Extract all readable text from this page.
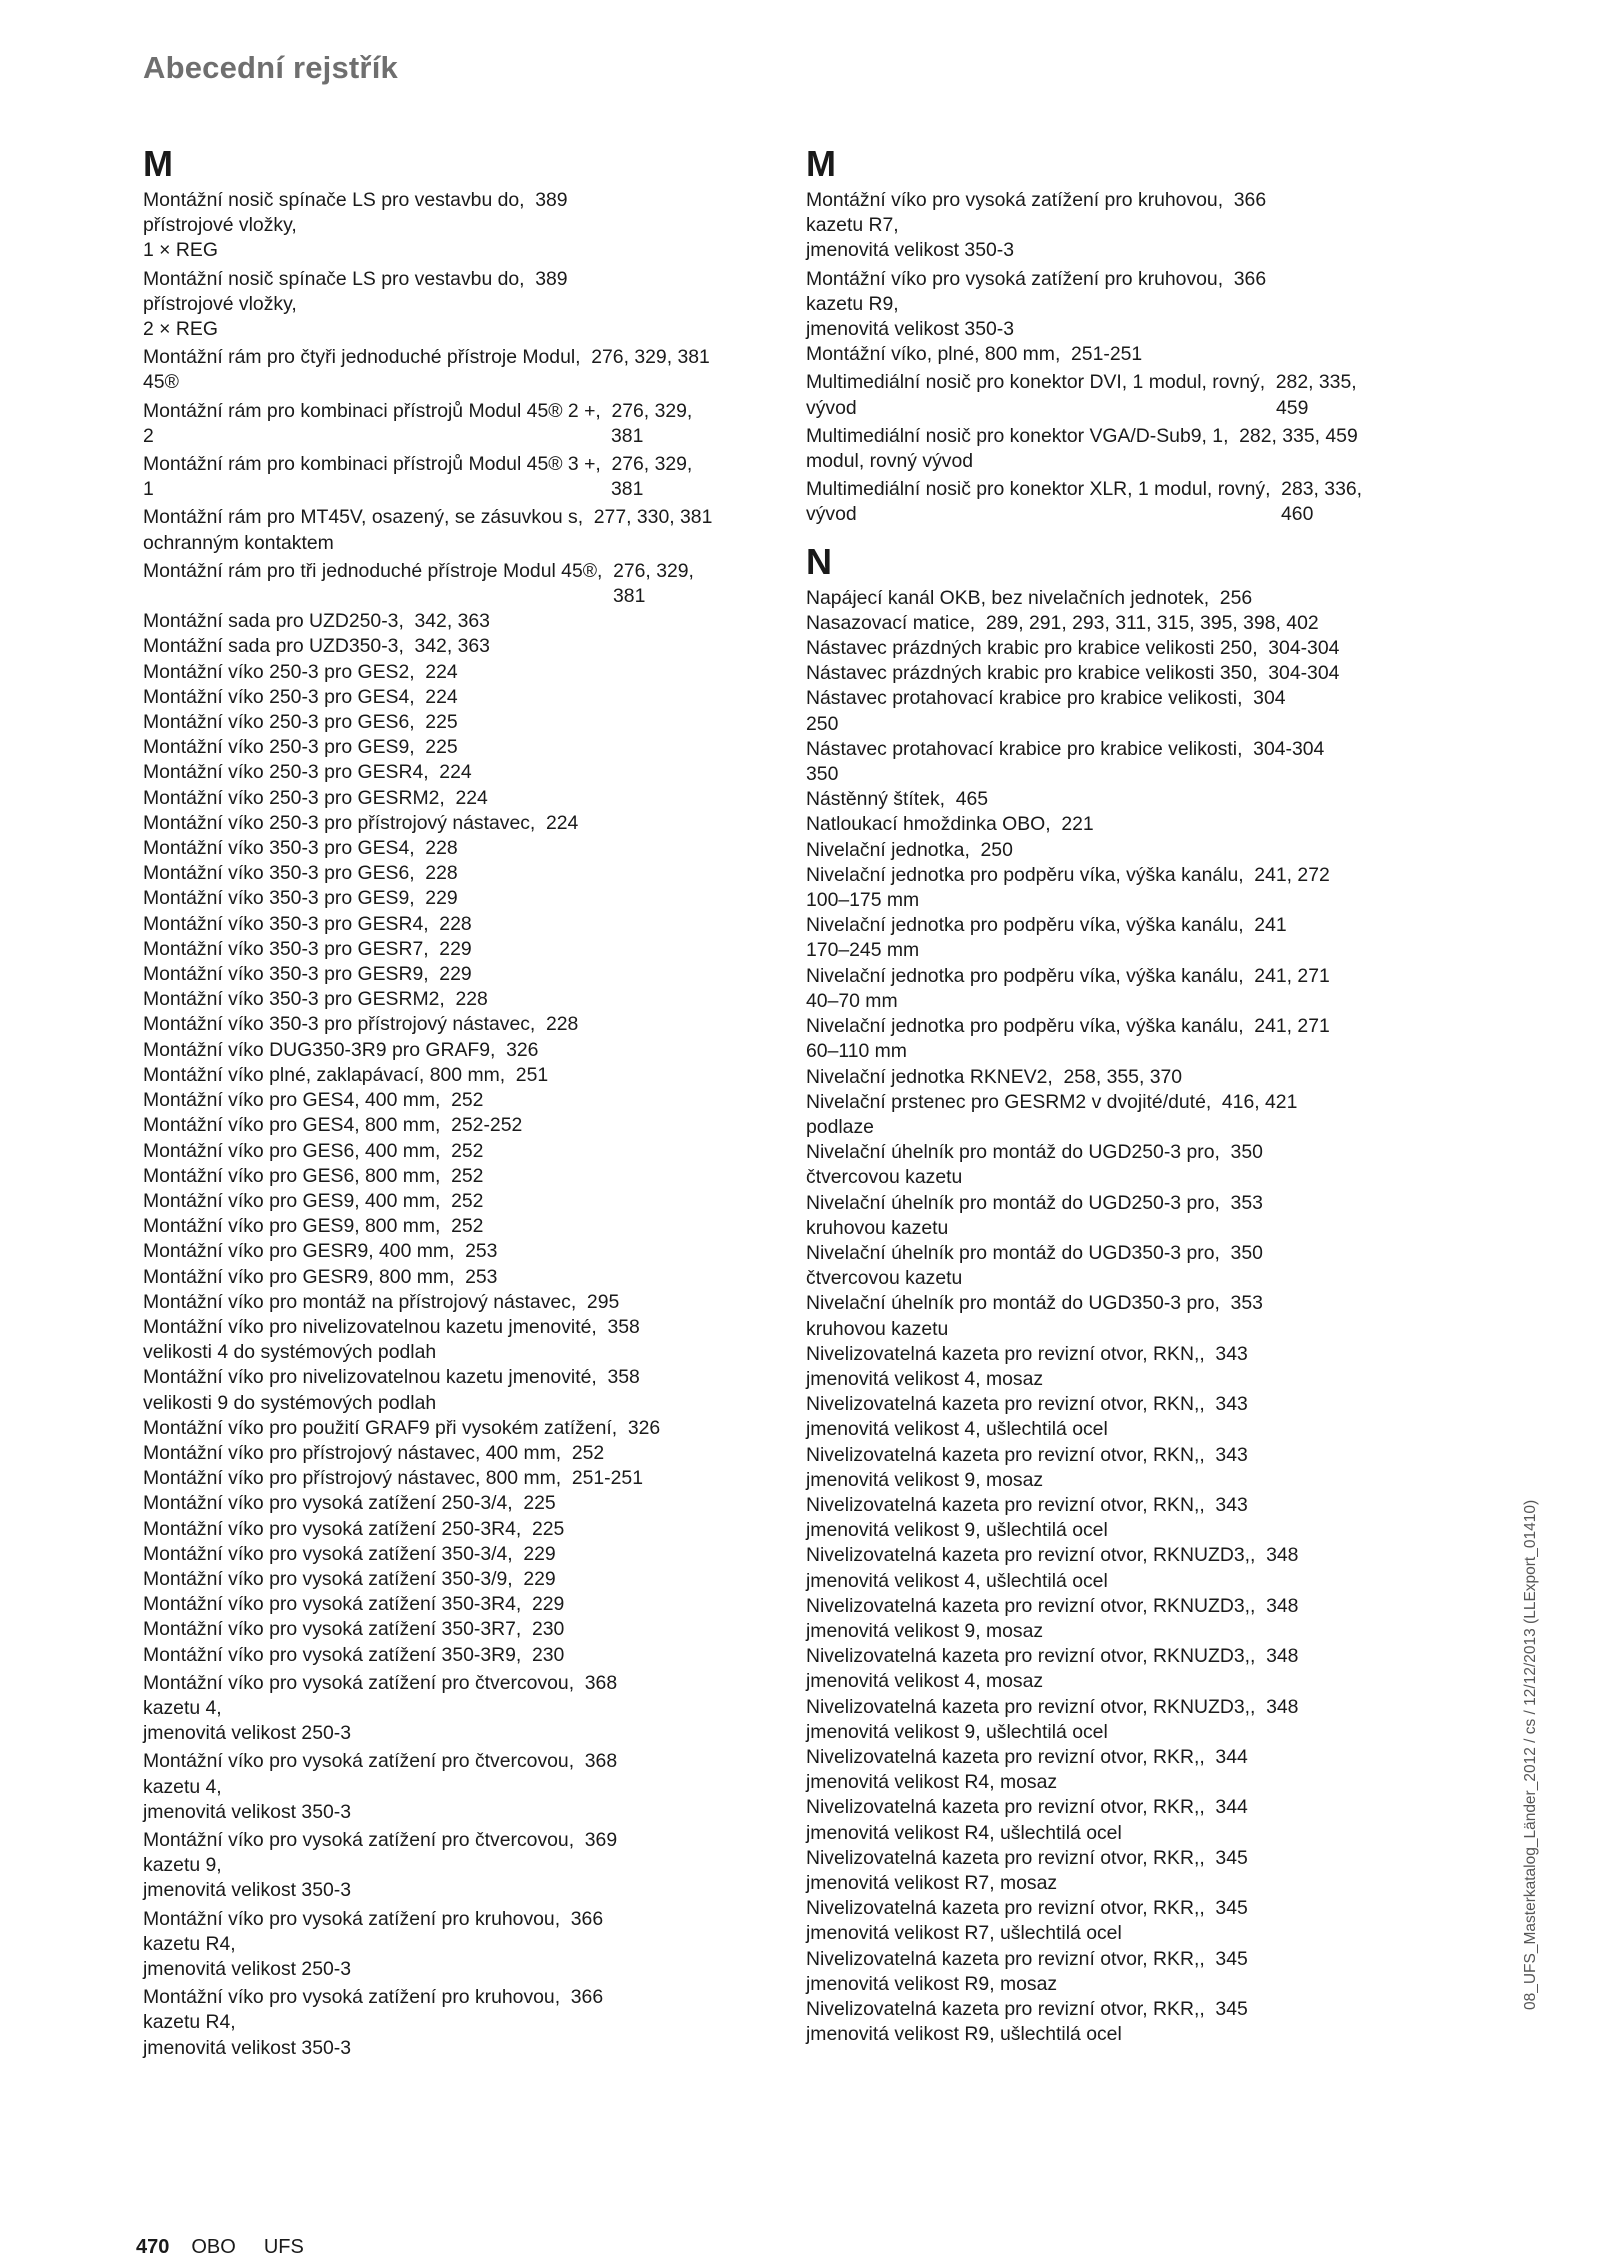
Abecední rejstřík
M
Montážní nosič spínače LS pro vestavbu do, 389
přístrojové vložky,
1 × REG
Montážní nosič spínače LS pro vestavbu do, 389
přístrojové vložky,
2 × REG
Montážní rám pro čtyři jednoduché přístroje Modul, 276, 329, 381
45®
Montážní rám pro kombinaci přístrojů Modul 45® 2 +, 276, 329,
2	381
Montážní rám pro kombinaci přístrojů Modul 45® 3 +, 276, 329,
1	381
Montážní rám pro MT45V, osazený, se zásuvkou s, 277, 330, 381
ochranným kontaktem
Montážní rám pro tři jednoduché přístroje Modul 45®, 276, 329,
381
Montážní sada pro UZD250-3, 342, 363
Montážní sada pro UZD350-3, 342, 363
Montážní víko 250-3 pro GES2, 224
Montážní víko 250-3 pro GES4, 224
Montážní víko 250-3 pro GES6, 225
Montážní víko 250-3 pro GES9, 225
Montážní víko 250-3 pro GESR4, 224
Montážní víko 250-3 pro GESRM2, 224
Montážní víko 250-3 pro přístrojový nástavec, 224
Montážní víko 350-3 pro GES4, 228
Montážní víko 350-3 pro GES6, 228
Montážní víko 350-3 pro GES9, 229
Montážní víko 350-3 pro GESR4, 228
Montážní víko 350-3 pro GESR7, 229
Montážní víko 350-3 pro GESR9, 229
Montážní víko 350-3 pro GESRM2, 228
Montážní víko 350-3 pro přístrojový nástavec, 228
Montážní víko DUG350-3R9 pro GRAF9, 326
Montážní víko plné, zaklapávací, 800 mm, 251
Montážní víko pro GES4, 400 mm, 252
Montážní víko pro GES4, 800 mm, 252-252
Montážní víko pro GES6, 400 mm, 252
Montážní víko pro GES6, 800 mm, 252
Montážní víko pro GES9, 400 mm, 252
Montážní víko pro GES9, 800 mm, 252
Montážní víko pro GESR9, 400 mm, 253
Montážní víko pro GESR9, 800 mm, 253
Montážní víko pro montáž na přístrojový nástavec, 295
Montážní víko pro nivelizovatelnou kazetu jmenovité, 358
velikosti 4 do systémových podlah
Montážní víko pro nivelizovatelnou kazetu jmenovité, 358
velikosti 9 do systémových podlah
Montážní víko pro použití GRAF9 při vysokém zatížení, 326
Montážní víko pro přístrojový nástavec, 400 mm, 252
Montážní víko pro přístrojový nástavec, 800 mm, 251-251
Montážní víko pro vysoká zatížení 250-3/4, 225
Montážní víko pro vysoká zatížení 250-3R4, 225
Montážní víko pro vysoká zatížení 350-3/4, 229
Montážní víko pro vysoká zatížení 350-3/9, 229
Montážní víko pro vysoká zatížení 350-3R4, 229
Montážní víko pro vysoká zatížení 350-3R7, 230
Montážní víko pro vysoká zatížení 350-3R9, 230
Montážní víko pro vysoká zatížení pro čtvercovou, 368
kazetu 4,
jmenovitá velikost 250-3
Montážní víko pro vysoká zatížení pro čtvercovou, 368
kazetu 4,
jmenovitá velikost 350-3
Montážní víko pro vysoká zatížení pro čtvercovou, 369
kazetu 9,
jmenovitá velikost 350-3
Montážní víko pro vysoká zatížení pro kruhovou, 366
kazetu R4,
jmenovitá velikost 250-3
Montážní víko pro vysoká zatížení pro kruhovou, 366
kazetu R4,
jmenovitá velikost 350-3
M
Montážní víko pro vysoká zatížení pro kruhovou, 366
kazetu R7,
jmenovitá velikost 350-3
Montážní víko pro vysoká zatížení pro kruhovou, 366
kazetu R9,
jmenovitá velikost 350-3
Montážní víko, plné, 800 mm, 251-251
Multimediální nosič pro konektor DVI, 1 modul, rovný, 282, 335,
vývod	459
Multimediální nosič pro konektor VGA/D-Sub9, 1, 282, 335, 459
modul, rovný vývod
Multimediální nosič pro konektor XLR, 1 modul, rovný, 283, 336,
vývod	460
N
Napájecí kanál OKB, bez nivelačních jednotek, 256
Nasazovací matice, 289, 291, 293, 311, 315, 395, 398, 402
Nástavec prázdných krabic pro krabice velikosti 250, 304-304
Nástavec prázdných krabic pro krabice velikosti 350, 304-304
Nástavec protahovací krabice pro krabice velikosti, 304
250
Nástavec protahovací krabice pro krabice velikosti, 304-304
350
Nástěnný štítek, 465
Natloukací hmoždinka OBO, 221
Nivelační jednotka, 250
Nivelační jednotka pro podpěru víka, výška kanálu, 241, 272
100–175 mm
Nivelační jednotka pro podpěru víka, výška kanálu, 241
170–245 mm
Nivelační jednotka pro podpěru víka, výška kanálu, 241, 271
40–70 mm
Nivelační jednotka pro podpěru víka, výška kanálu, 241, 271
60–110 mm
Nivelační jednotka RKNEV2, 258, 355, 370
Nivelační prstenec pro GESRM2 v dvojité/duté, 416, 421
podlaze
Nivelační úhelník pro montáž do UGD250-3 pro, 350
čtvercovou kazetu
Nivelační úhelník pro montáž do UGD250-3 pro, 353
kruhovou kazetu
Nivelační úhelník pro montáž do UGD350-3 pro, 350
čtvercovou kazetu
Nivelační úhelník pro montáž do UGD350-3 pro, 353
kruhovou kazetu
Nivelizovatelná kazeta pro revizní otvor, RKN,, 343
jmenovitá velikost 4, mosaz
Nivelizovatelná kazeta pro revizní otvor, RKN,, 343
jmenovitá velikost 4, ušlechtilá ocel
Nivelizovatelná kazeta pro revizní otvor, RKN,, 343
jmenovitá velikost 9, mosaz
Nivelizovatelná kazeta pro revizní otvor, RKN,, 343
jmenovitá velikost 9, ušlechtilá ocel
Nivelizovatelná kazeta pro revizní otvor, RKNUZD3,, 348
jmenovitá velikost 4, ušlechtilá ocel
Nivelizovatelná kazeta pro revizní otvor, RKNUZD3,, 348
jmenovitá velikost 9, mosaz
Nivelizovatelná kazeta pro revizní otvor, RKNUZD3,, 348
jmenovitá velikost 4, mosaz
Nivelizovatelná kazeta pro revizní otvor, RKNUZD3,, 348
jmenovitá velikost 9, ušlechtilá ocel
Nivelizovatelná kazeta pro revizní otvor, RKR,, 344
jmenovitá velikost R4, mosaz
Nivelizovatelná kazeta pro revizní otvor, RKR,, 344
jmenovitá velikost R4, ušlechtilá ocel
Nivelizovatelná kazeta pro revizní otvor, RKR,, 345
jmenovitá velikost R7, mosaz
Nivelizovatelná kazeta pro revizní otvor, RKR,, 345
jmenovitá velikost R7, ušlechtilá ocel
Nivelizovatelná kazeta pro revizní otvor, RKR,, 345
jmenovitá velikost R9, mosaz
Nivelizovatelná kazeta pro revizní otvor, RKR,, 345
jmenovitá velikost R9, ušlechtilá ocel
470 OBO UFS
08_UFS_Masterkatalog_Länder_2012 / cs / 12/12/2013 (LLExport_01410)
